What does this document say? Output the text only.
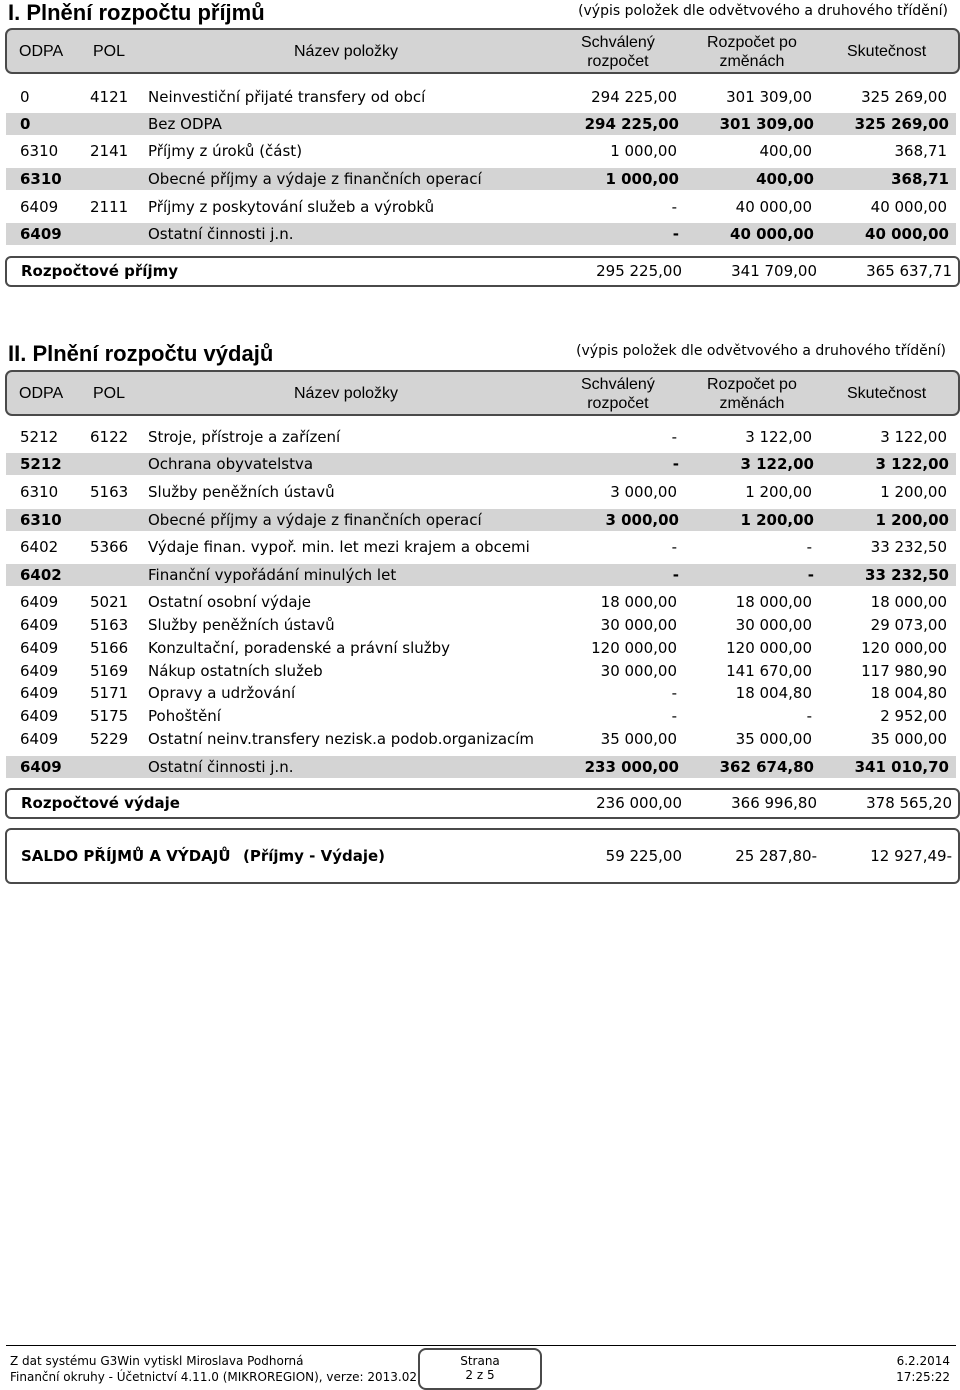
I. Plnění rozpočtu příjmů	(výpis položek dle odvětvového a druhového třídění)
ODPA POL	Název položky
Schválený
rozpočet
Rozpočet po
změnách
Skutečnost
0	4121 Neinvestiční přijaté transfery od obcí	294 225,00	301 309,00	325 269,00
0	Bez ODPA	294 225,00	301 309,00	325 269,00
6310 2141 Příjmy z úroků (část)	1 000,00	400,00	368,71
6310	Obecné příjmy a výdaje z finančních operací	1 000,00	400,00	368,71
6409 2111 Příjmy z poskytování služeb a výrobků	-	40 000,00	40 000,00
6409	Ostatní činnosti j.n.	-	40 000,00	40 000,00
Rozpočtové příjmy	295 225,00	341 709,00	365 637,71
II. Plnění rozpočtu výdajů	(výpis položek dle odvětvového a druhového třídění)
ODPA POL	Název položky
Schválený
rozpočet
Rozpočet po
změnách
Skutečnost
5212 6122 Stroje, přístroje a zařízení	-	3 122,00	3 122,00
5212	Ochrana obyvatelstva	-	3 122,00	3 122,00
6310 5163 Služby peněžních ústavů	3 000,00	1 200,00	1 200,00
6310	Obecné příjmy a výdaje z finančních operací	3 000,00	1 200,00	1 200,00
6402 5366 Výdaje finan. vypoř. min. let mezi krajem a obcemi	-	-	33 232,50
6402	Finanční vypořádání minulých let	-	-	33 232,50
6409 5021 Ostatní osobní výdaje	18 000,00	18 000,00	18 000,00
6409 5163 Služby peněžních ústavů	30 000,00	30 000,00	29 073,00
6409 5166 Konzultační, poradenské a právní služby	120 000,00	120 000,00	120 000,00
6409 5169 Nákup ostatních služeb	30 000,00	141 670,00	117 980,90
6409 5171 Opravy a udržování	-	18 004,80	18 004,80
6409 5175 Pohoštění	-	-	2 952,00
6409 5229 Ostatní neinv.transfery nezisk.a podob.organizacím	35 000,00	35 000,00	35 000,00
6409	Ostatní činnosti j.n.	233 000,00	362 674,80	341 010,70
Rozpočtové výdaje	236 000,00	366 996,80	378 565,20
SALDO PŘÍJMŮ A VÝDAJŮ (Příjmy - Výdaje)	59 225,00	25 287,80-	12 927,49-
Z dat systému G3Win vytiskl Miroslava Podhorná
Finanční okruhy - Účetnictví 4.11.0 (MIKROREGION), verze: 2013.02
Strana
2 z 5
6.2.2014
17:25:22
